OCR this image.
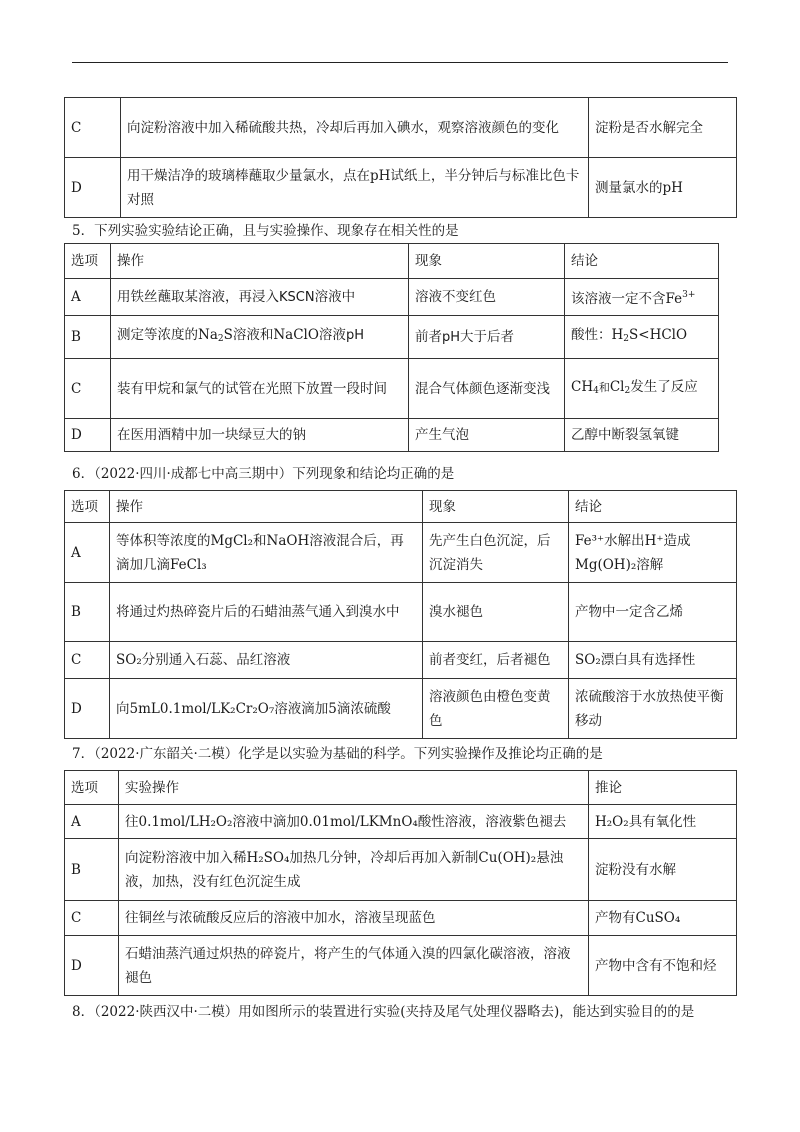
C	向淀粉溶液中加入稀硫酸共热，冷却后再加入碘水，观察溶液颜色的变化	淀粉是否水解完全
D	用干燥洁净的玻璃棒蘸取少量氯水，点在pH试纸上，半分钟后与标准比色卡对照	测量氯水的pH
5．下列实验实验结论正确，且与实验操作、现象存在相关性的是
选项	操作	现象	结论
A	用铁丝蘸取某溶液，再浸入KSCN溶液中	溶液不变红色	该溶液一定不含$Fe^{3+}$
B	测定等浓度的$Na_2S$溶液和NaClO溶液pH	前者pH大于后者	酸性：$H_2S<HClO$
C	装有甲烷和氯气的试管在光照下放置一段时间	混合气体颜色逐渐变浅	$CH_4$和$Cl_2$发生了反应
D	在医用酒精中加一块绿豆大的钠	产生气泡	乙醇中断裂氢氧键
6．（2022·四川·成都七中高三期中）下列现象和结论均正确的是
选项	操作	现象	结论
A	等体积等浓度的MgCl₂和NaOH溶液混合后，再滴加几滴FeCl₃	先产生白色沉淀，后沉淀消失	Fe³⁺水解出H⁺造成Mg(OH)₂溶解
B	将通过灼热碎瓷片后的石蜡油蒸气通入到溴水中	溴水褪色	产物中一定含乙烯
C	SO₂分别通入石蕊、品红溶液	前者变红，后者褪色	SO₂漂白具有选择性
D	向5mL0.1mol/LK₂Cr₂O₇溶液滴加5滴浓硫酸	溶液颜色由橙色变黄色	浓硫酸溶于水放热使平衡移动
7．（2022·广东韶关·二模）化学是以实验为基础的科学。下列实验操作及推论均正确的是
选项	实验操作	推论
A	往0.1mol/LH₂O₂溶液中滴加0.01mol/LKMnO₄酸性溶液，溶液紫色褪去	H₂O₂具有氧化性
B	向淀粉溶液中加入稀H₂SO₄加热几分钟，冷却后再加入新制Cu(OH)₂悬浊液，加热，没有红色沉淀生成	淀粉没有水解
C	往铜丝与浓硫酸反应后的溶液中加水，溶液呈现蓝色	产物有CuSO₄
D	石蜡油蒸汽通过炽热的碎瓷片，将产生的气体通入溴的四氯化碳溶液，溶液褪色	产物中含有不饱和烃
8．（2022·陕西汉中·二模）用如图所示的装置进行实验(夹持及尾气处理仪器略去)，能达到实验目的的是
